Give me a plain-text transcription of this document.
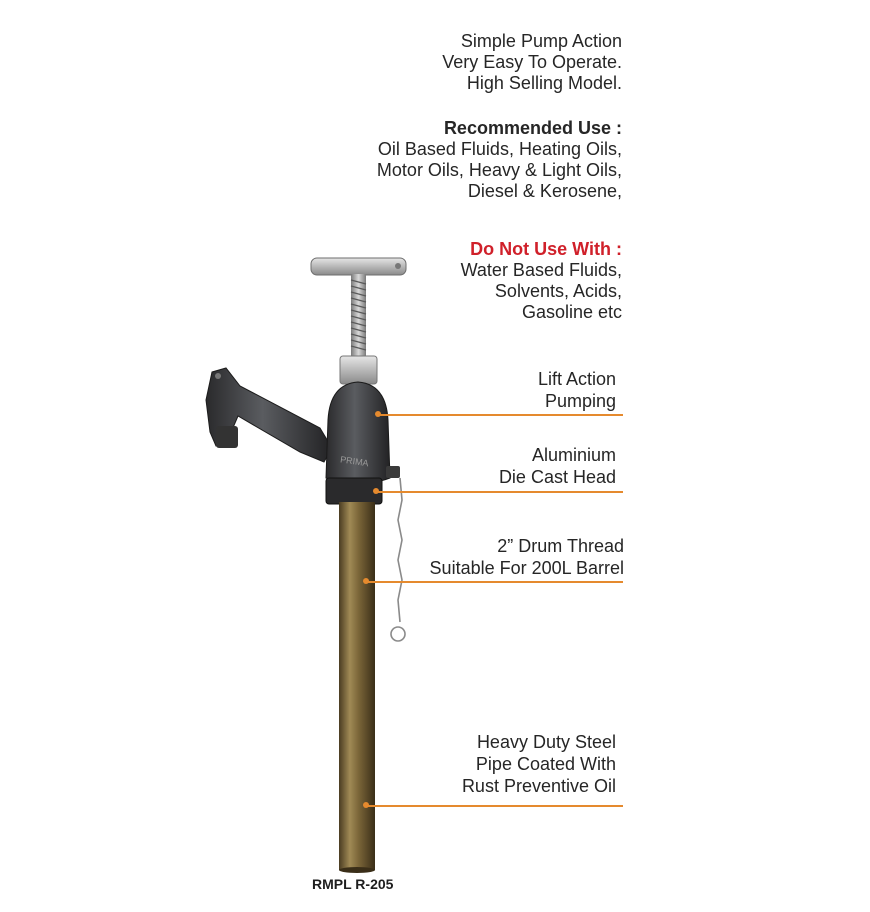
PRIMA
Simple Pump Action
Very Easy To Operate.
High Selling Model.
Recommended Use :
Oil Based Fluids, Heating Oils,
Motor Oils, Heavy & Light Oils,
Diesel & Kerosene,
Do Not Use With :
Water Based Fluids,
Solvents, Acids,
Gasoline etc
Lift Action
Pumping
Aluminium
Die Cast Head
2” Drum Thread
Suitable For 200L Barrel
Heavy Duty Steel
Pipe Coated With
Rust Preventive Oil
RMPL R-205
